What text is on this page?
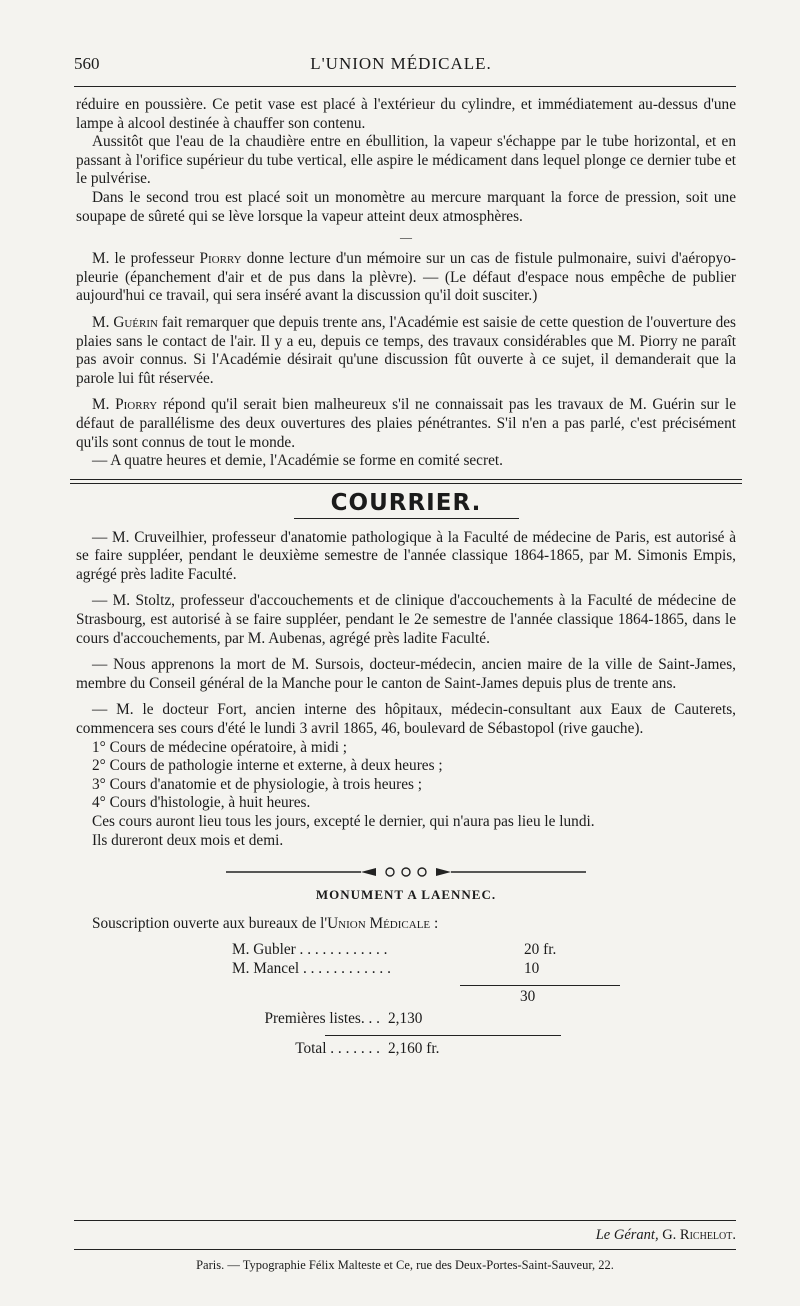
560	L'UNION MÉDICALE.

réduire en poussière. Ce petit vase est placé à l'extérieur du cylindre, et immédiatement au-dessus d'une lampe à alcool destinée à chauffer son contenu.

Aussitôt que l'eau de la chaudière entre en ébullition, la vapeur s'échappe par le tube horizontal, et en passant à l'orifice supérieur du tube vertical, elle aspire le médicament dans lequel plonge ce dernier tube et le pulvérise.

Dans le second trou est placé soit un monomètre au mercure marquant la force de pression, soit une soupape de sûreté qui se lève lorsque la vapeur atteint deux atmosphères.

—

M. le professeur Piorry donne lecture d'un mémoire sur un cas de fistule pulmonaire, suivi d'aéropyo-pleurie (épanchement d'air et de pus dans la plèvre). — (Le défaut d'espace nous empêche de publier aujourd'hui ce travail, qui sera inséré avant la discussion qu'il doit susciter.)

M. Guérin fait remarquer que depuis trente ans, l'Académie est saisie de cette question de l'ouverture des plaies sans le contact de l'air. Il y a eu, depuis ce temps, des travaux considérables que M. Piorry ne paraît pas avoir connus. Si l'Académie désirait qu'une discussion fût ouverte à ce sujet, il demanderait que la parole lui fût réservée.

M. Piorry répond qu'il serait bien malheureux s'il ne connaissait pas les travaux de M. Guérin sur le défaut de parallélisme des deux ouvertures des plaies pénétrantes. S'il n'en a pas parlé, c'est précisément qu'ils sont connus de tout le monde.

— A quatre heures et demie, l'Académie se forme en comité secret.

COURRIER.

— M. Cruveilhier, professeur d'anatomie pathologique à la Faculté de médecine de Paris, est autorisé à se faire suppléer, pendant le deuxième semestre de l'année classique 1864-1865, par M. Simonis Empis, agrégé près ladite Faculté.

— M. Stoltz, professeur d'accouchements et de clinique d'accouchements à la Faculté de médecine de Strasbourg, est autorisé à se faire suppléer, pendant le 2e semestre de l'année classique 1864-1865, dans le cours d'accouchements, par M. Aubenas, agrégé près ladite Faculté.

— Nous apprenons la mort de M. Sursois, docteur-médecin, ancien maire de la ville de Saint-James, membre du Conseil général de la Manche pour le canton de Saint-James depuis plus de trente ans.

— M. le docteur Fort, ancien interne des hôpitaux, médecin-consultant aux Eaux de Cauterets, commencera ses cours d'été le lundi 3 avril 1865, 46, boulevard de Sébastopol (rive gauche).

1° Cours de médecine opératoire, à midi ;
2° Cours de pathologie interne et externe, à deux heures ;
3° Cours d'anatomie et de physiologie, à trois heures ;
4° Cours d'histologie, à huit heures.

Ces cours auront lieu tous les jours, excepté le dernier, qui n'aura pas lieu le lundi.

Ils dureront deux mois et demi.

MONUMENT A LAENNEC.
Souscription ouverte aux bureaux de l'Union Médicale :
M. Gubler . . . . . . . . . . . .	20 fr.
M. Mancel . . . . . . . . . . . .	10
30
Premières listes. . . 2,130
Total . . . . . . . 2,160 fr.
Le Gérant, G. Richelot.
Paris. — Typographie Félix Malteste et Ce, rue des Deux-Portes-Saint-Sauveur, 22.
